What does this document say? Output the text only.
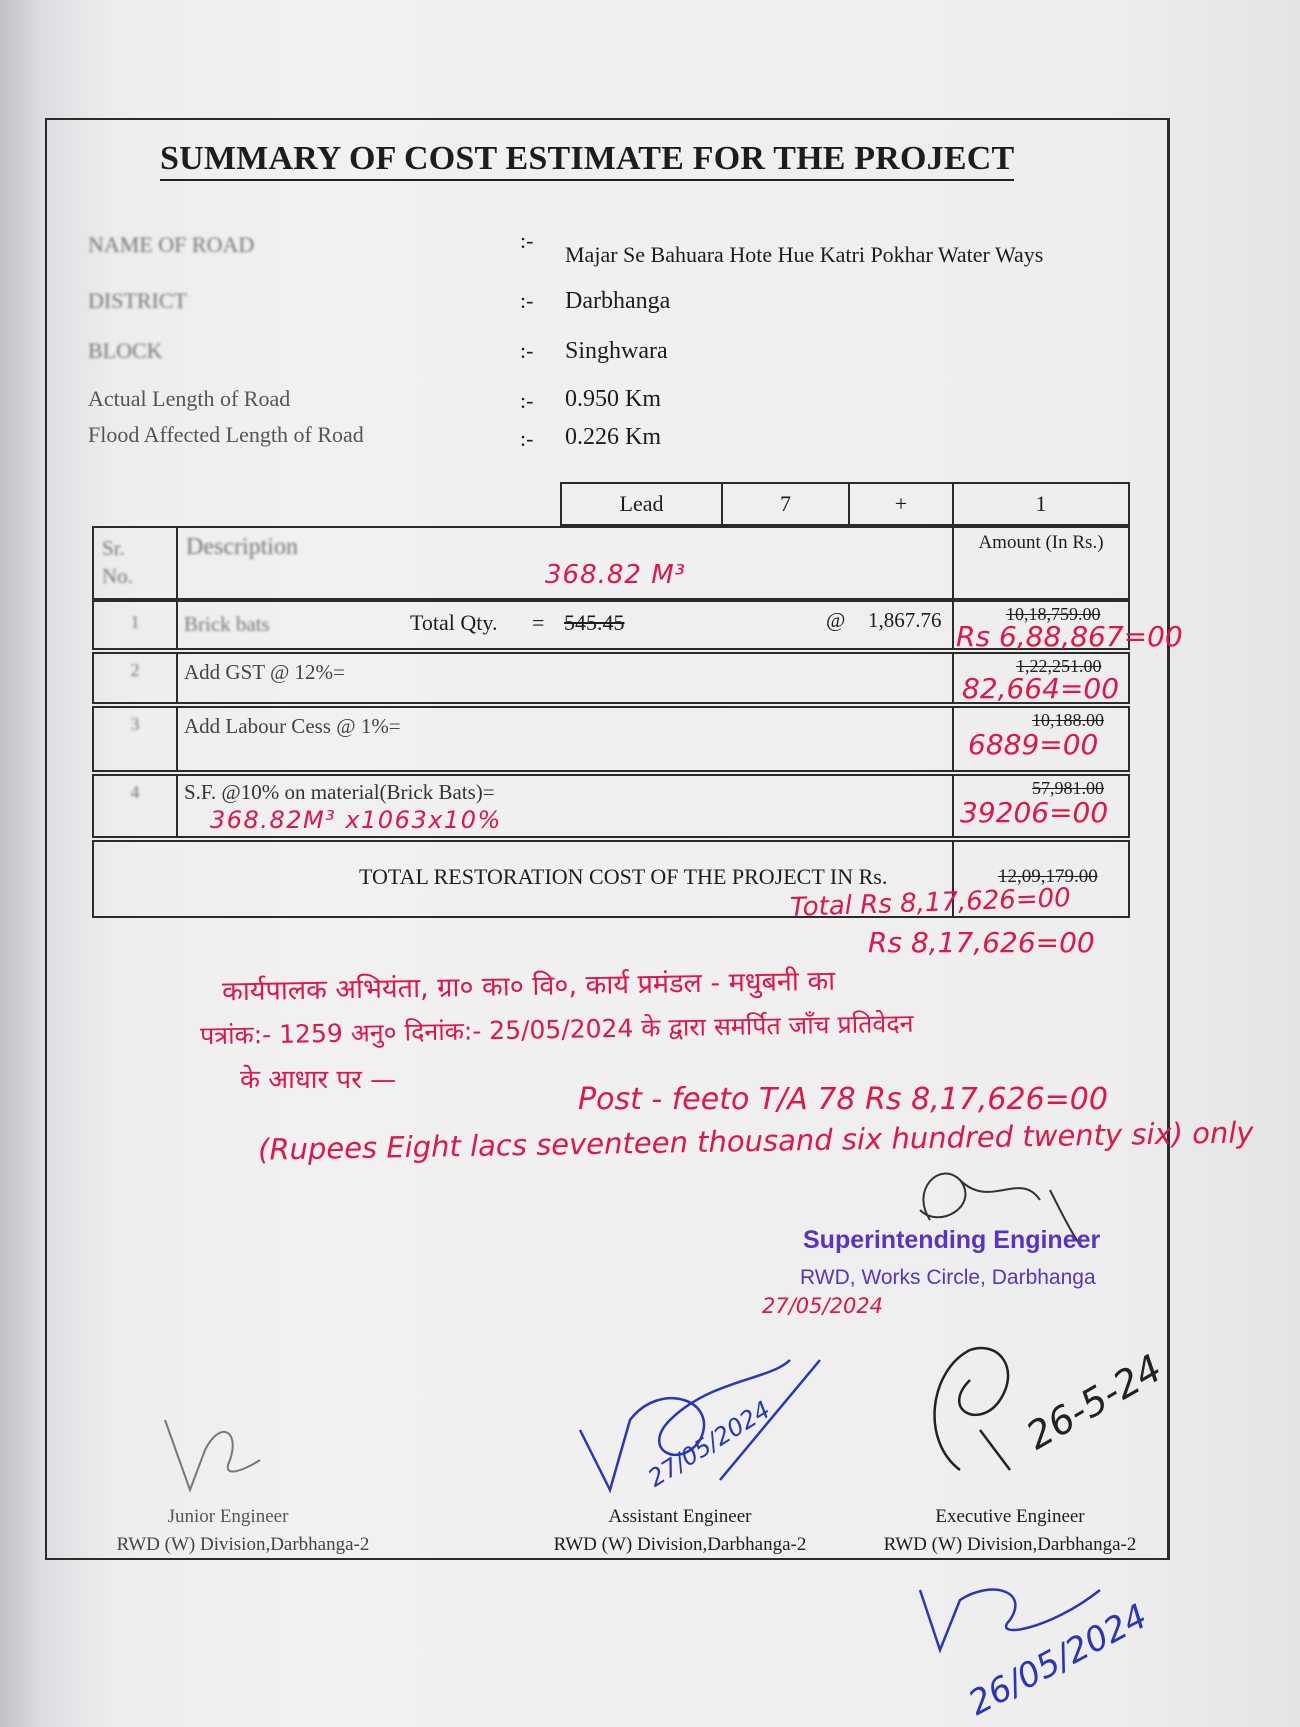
SUMMARY OF COST ESTIMATE FOR THE PROJECT
NAME OF ROAD	:-
Majar Se Bahuara Hote Hue Katri Pokhar Water Ways
DISTRICT	:- Darbhanga
BLOCK	:- Singhwara
Actual Length of Road	:- 0.950 Km
Flood Affected Length of Road	:- 0.226 Km
Lead	7	+	1
Sr. No.
Description	Amount (In Rs.)
1	Brick bats	Total Qty. = 545.45	@ 1,867.76	10,18,759.00
368.82 M³
Rs 6,88,867=00
2	Add GST @ 12%=	1,22,251.00
82,664=00
3	Add Labour Cess @ 1%=	10,188.00
6889=00
4	S.F. @10% on material(Brick Bats)=	57,981.00
368.82M³ x1063x10%	39206=00
TOTAL RESTORATION COST OF THE PROJECT IN Rs.	12,09,179.00
Total Rs 8,17,626=00
Rs 8,17,626=00
कार्यपालक अभियंता, ग्रा० का० वि०, कार्य प्रमंडल - मधुबनी का
पत्रांक:- 1259 अनु० दिनांक:- 25/05/2024 के द्वारा समर्पित जाँच प्रतिवेदन
के आधार पर —
Post - feeto T/A 78 Rs 8,17,626=00
(Rupees Eight lacs seventeen thousand six hundred twenty six) only
Superintending Engineer
RWD, Works Circle, Darbhanga
27/05/2024
27/05/2024	26-5-24
Junior Engineer
RWD (W) Division,Darbhanga-2
Assistant Engineer
RWD (W) Division,Darbhanga-2
Executive Engineer
RWD (W) Division,Darbhanga-2
26/05/2024
